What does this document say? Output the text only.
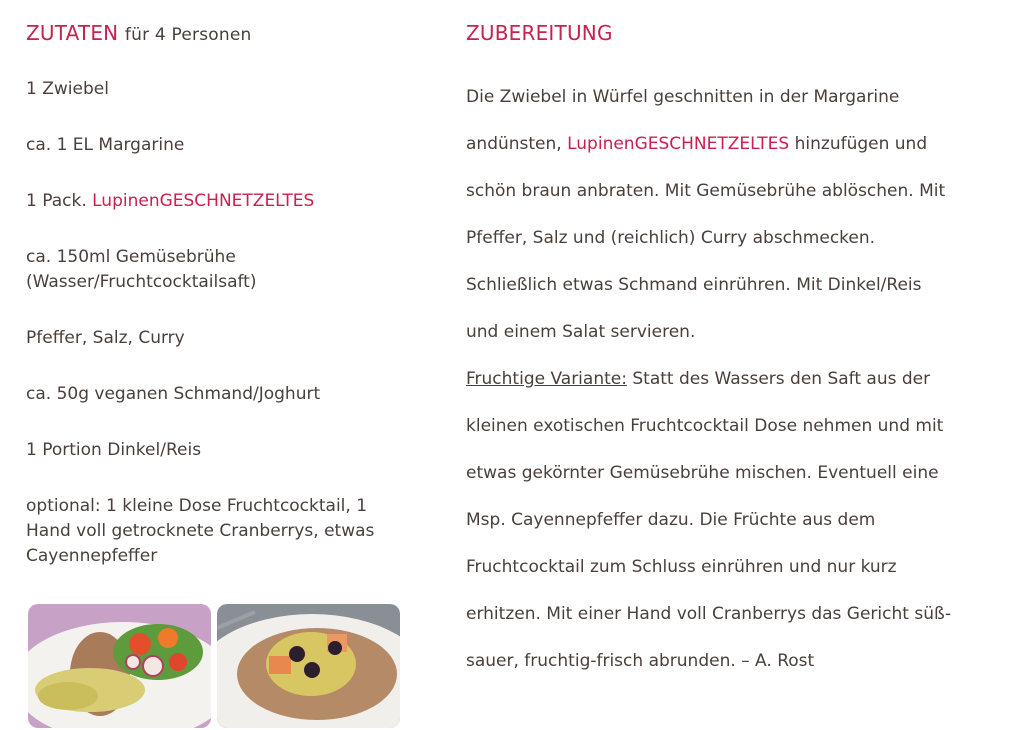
ZUTATEN für 4 Personen

1 Zwiebel

ca. 1 EL Margarine

1 Pack. LupinenGESCHNETZELTES

ca. 150ml Gemüsebrühe

(Wasser/Fruchtcocktailsaft)

Pfeffer, Salz, Curry

ca. 50g veganen Schmand/Joghurt

1 Portion Dinkel/Reis

optional: 1 kleine Dose Fruchtcocktail, 1

Hand voll getrocknete Cranberrys, etwas

Cayennepfeffer

ZUBEREITUNG

Die Zwiebel in Würfel geschnitten in der Margarine

andünsten, LupinenGESCHNETZELTES hinzufügen und

schön braun anbraten. Mit Gemüsebrühe ablöschen. Mit

Pfeffer, Salz und (reichlich) Curry abschmecken.

Schließlich etwas Schmand einrühren. Mit Dinkel/Reis

und einem Salat servieren.

Fruchtige Variante: Statt des Wassers den Saft aus der

kleinen exotischen Fruchtcocktail Dose nehmen und mit

etwas gekörnter Gemüsebrühe mischen. Eventuell eine

Msp. Cayennepfeffer dazu. Die Früchte aus dem

Fruchtcocktail zum Schluss einrühren und nur kurz

erhitzen. Mit einer Hand voll Cranberrys das Gericht süß-

sauer, fruchtig-frisch abrunden. – A. Rost
